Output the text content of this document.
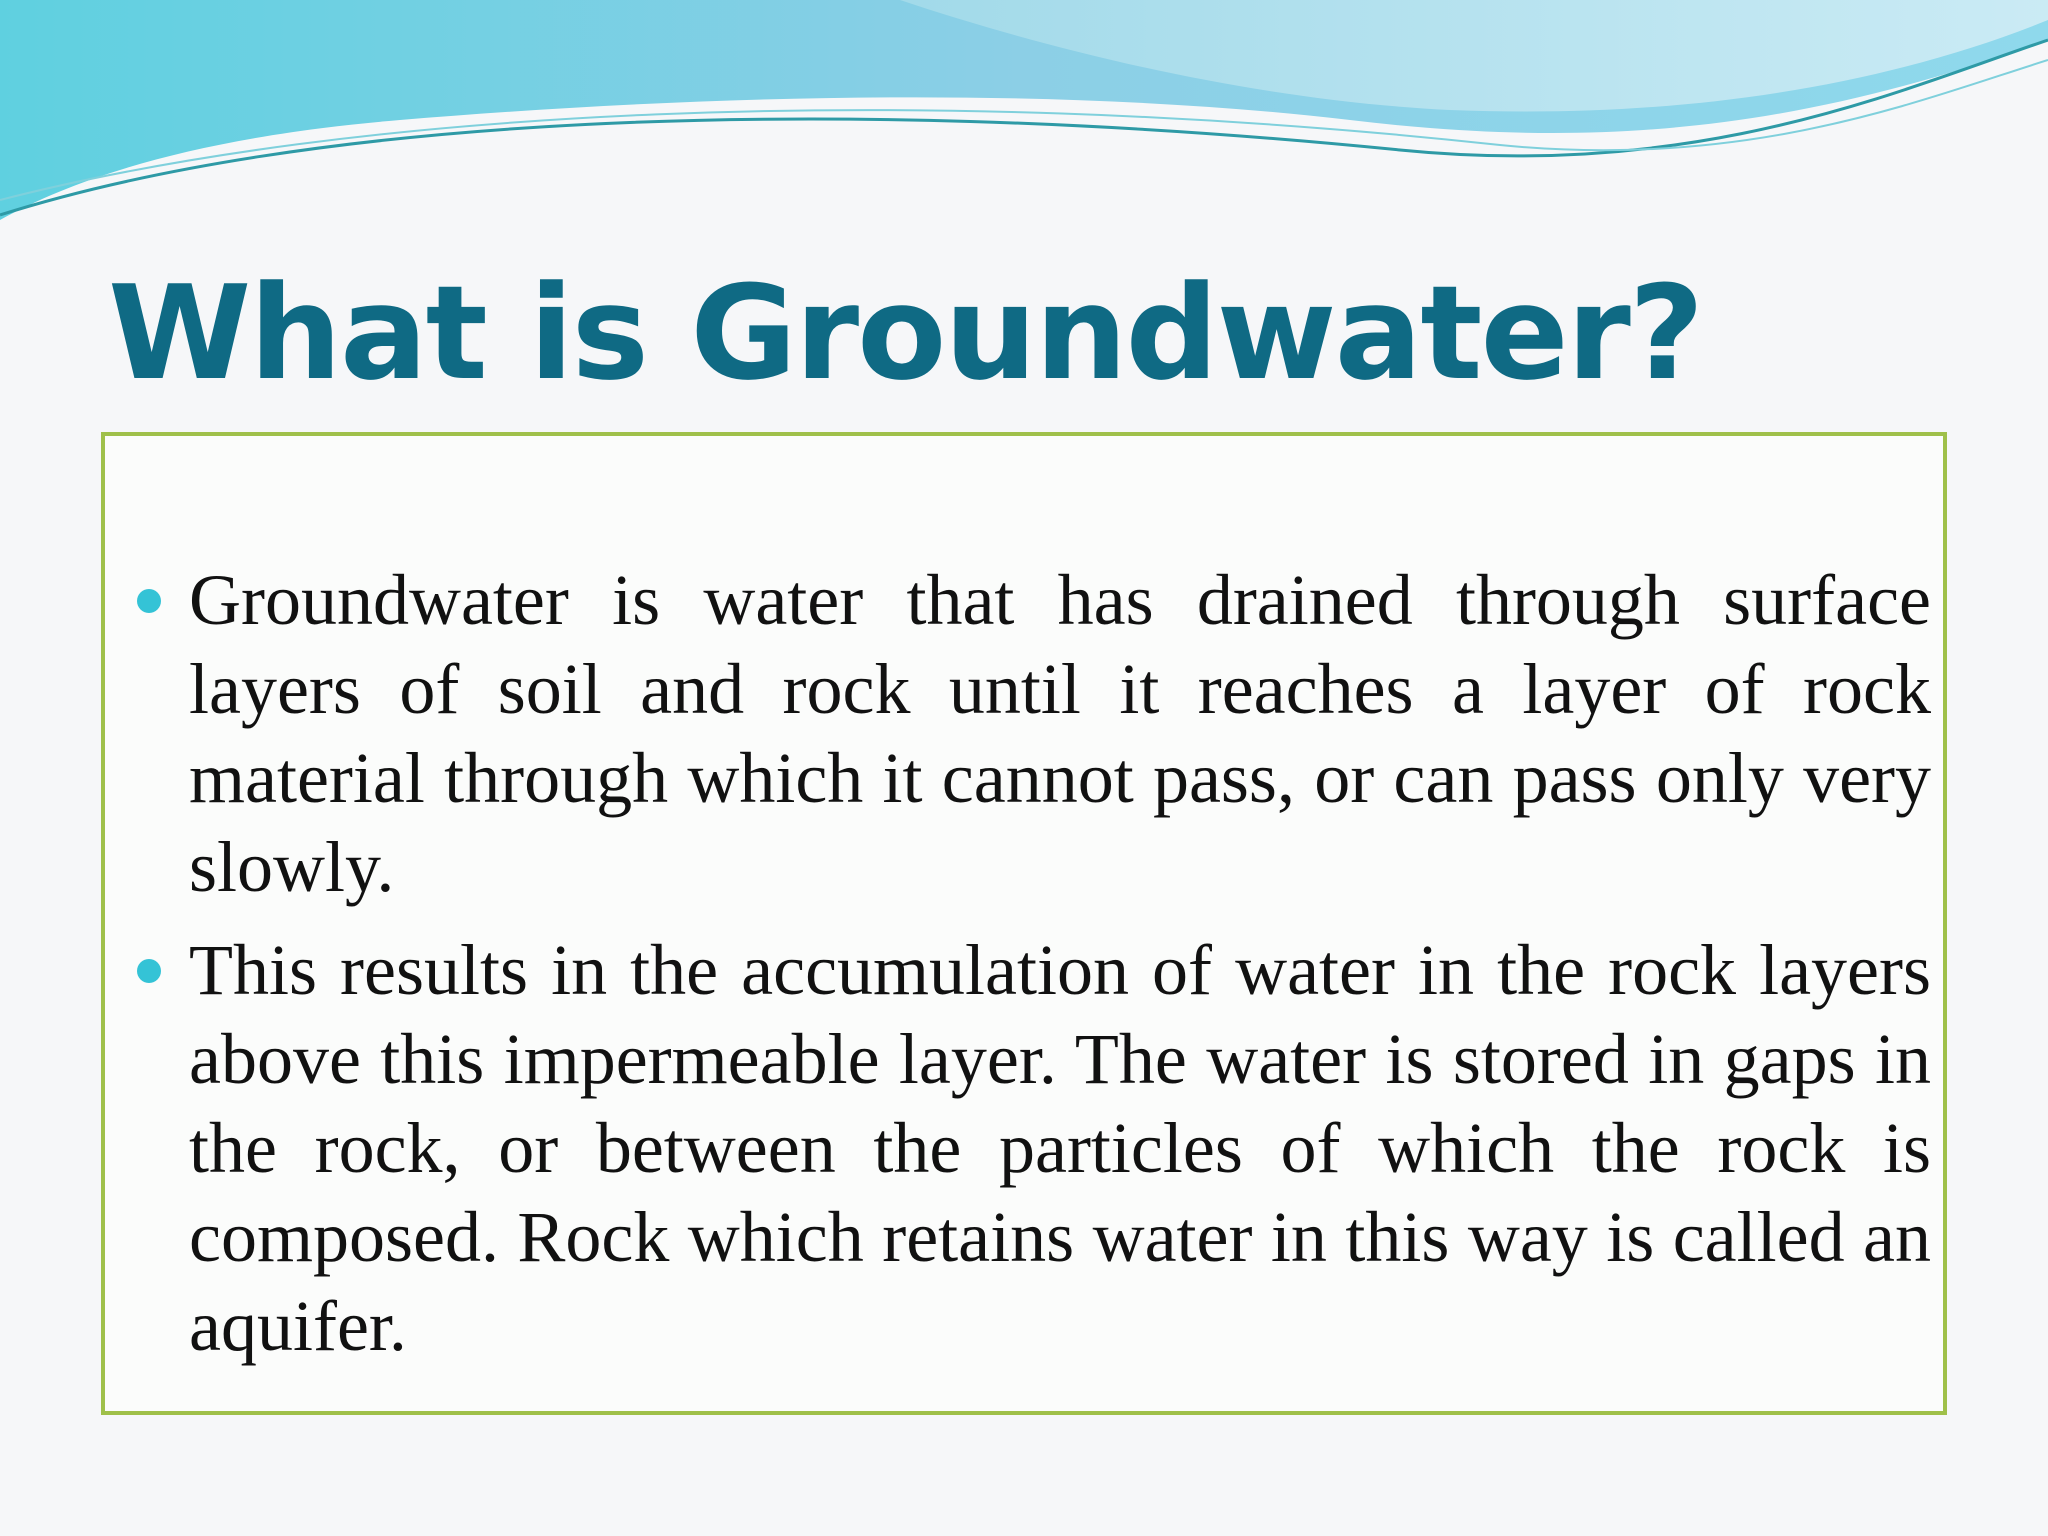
What is Groundwater?
Groundwater is water that has drained through surface layers of soil and rock until it reaches a layer of rock material through which it cannot pass, or can pass only very slowly.
This results in the accumulation of water in the rock layers above this impermeable layer. The water is stored in gaps in the rock, or between the particles of which the rock is composed. Rock which retains water in this way is called an aquifer.
